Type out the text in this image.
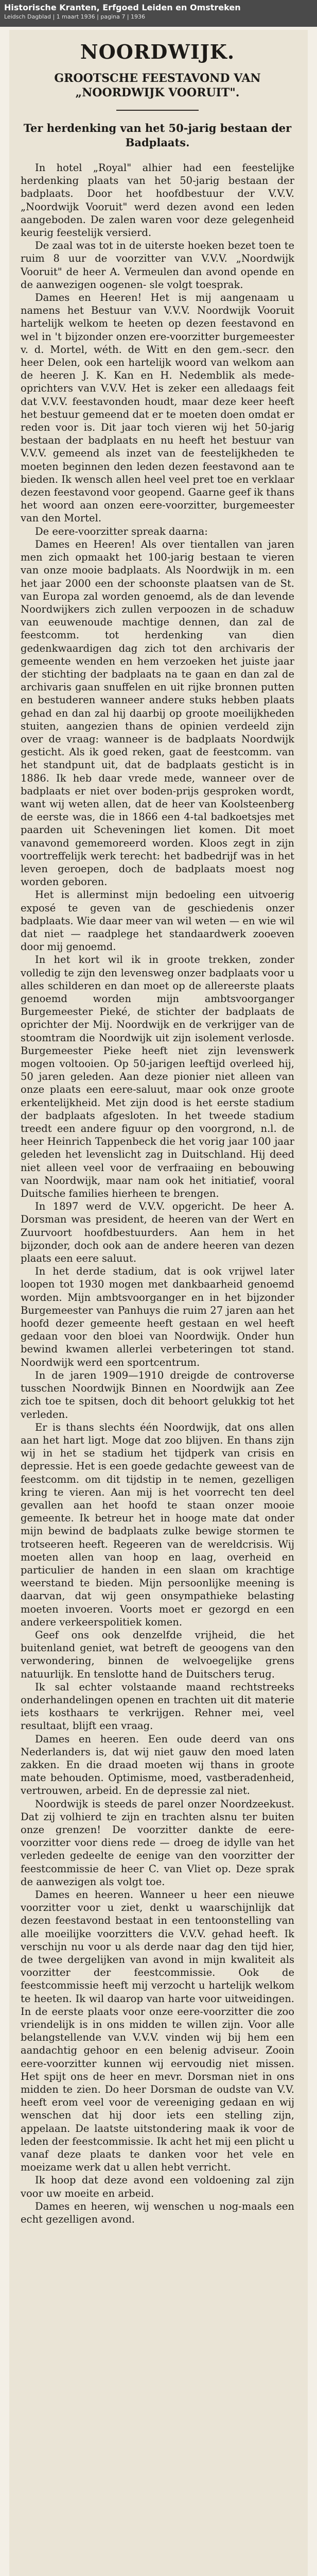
Historische Kranten, Erfgoed Leiden en Omstreken
Leidsch Dagblad | 1 maart 1936 | pagina 7 | 1936
NOORDWIJK.
GROOTSCHE FEESTAVOND VAN
„NOORDWIJK VOORUIT".
Ter herdenking van het 50-jarig bestaan der Badplaats.

In hotel „Royal" alhier had een feestelijke herdenking plaats van het 50-jarig bestaan der badplaats. Door het hoofdbestuur der V.V.V. „Noordwijk Vooruit" werd dezen avond een leden aangeboden. De zalen waren voor deze gelegenheid keurig feestelijk versierd.

De zaal was tot in de uiterste hoeken bezet toen te ruim 8 uur de voorzitter van V.V.V. „Noordwijk Vooruit" de heer A. Vermeulen dan avond opende en de aanwezigen oogenen- sle volgt toesprak.

Dames en Heeren! Het is mij aangenaam u namens het Bestuur van V.V.V. Noordwijk Vooruit hartelijk welkom te heeten op dezen feestavond en wel in 't bijzonder onzen ere-voorzitter burgemeester v. d. Mortel, wéth. de Witt en den gem.-secr. den heer Delen, ook een hartelijk woord van welkom aan de heeren J. K. Kan en H. Nedemblik als mede-oprichters van V.V.V. Het is zeker een alledaags feit dat V.V.V. feestavonden houdt, maar deze keer heeft het bestuur gemeend dat er te moeten doen omdat er reden voor is. Dit jaar toch vieren wij het 50-jarig bestaan der badplaats en nu heeft het bestuur van V.V.V. gemeend als inzet van de feestelijkheden te moeten beginnen den leden dezen feestavond aan te bieden. Ik wensch allen heel veel pret toe en verklaar dezen feestavond voor geopend. Gaarne geef ik thans het woord aan onzen eere-voorzitter, burgemeester van den Mortel.

De eere-voorzitter spreak daarna:

Dames en Heeren! Als over tientallen van jaren men zich opmaakt het 100-jarig bestaan te vieren van onze mooie badplaats. Als Noordwijk in m. een het jaar 2000 een der schoonste plaatsen van de St. van Europa zal worden genoemd, als de dan levende Noordwijkers zich zullen verpoozen in de schaduw van eeuwenoude machtige dennen, dan zal de feestcomm. tot herdenking van dien gedenkwaardigen dag zich tot den archivaris der gemeente wenden en hem verzoeken het juiste jaar der stichting der badplaats na te gaan en dan zal de archivaris gaan snuffelen en uit rijke bronnen putten en bestuderen wanneer andere stuks hebben plaats gehad en dan zal hij daarbij op groote moeilijkheden stuiten, aangezien thans de opinien verdeeld zijn over de vraag: wanneer is de badplaats Noordwijk gesticht. Als ik goed reken, gaat de feestcomm. van het standpunt uit, dat de badplaats gesticht is in 1886. Ik heb daar vrede mede, wanneer over de badplaats er niet over boden-prijs gesproken wordt, want wij weten allen, dat de heer van Koolsteenberg de eerste was, die in 1866 een 4-tal badkoetsjes met paarden uit Scheveningen liet komen. Dit moet vanavond gememoreerd worden. Kloos zegt in zijn voortreffelijk werk terecht: het badbedrijf was in het leven geroepen, doch de badplaats moest nog worden geboren.

Het is allerminst mijn bedoeling een uitvoerig exposé te geven van de geschiedenis onzer badplaats. Wie daar meer van wil weten — en wie wil dat niet — raadplege het standaardwerk zooeven door mij genoemd.

In het kort wil ik in groote trekken, zonder volledig te zijn den levensweg onzer badplaats voor u alles schilderen en dan moet op de allereerste plaats genoemd worden mijn ambtsvoorganger Burgemeester Pieké, de stichter der badplaats de oprichter der Mij. Noordwijk en de verkrijger van de stoomtram die Noordwijk uit zijn isolement verlosde. Burgemeester Pieke heeft niet zijn levenswerk mogen voltooien. Op 50-jarigen leeftijd overleed hij, 50 jaren geleden. Aan deze pionier niet alleen van onze plaats een eere-saluut, maar ook onze groote erkentelijkheid. Met zijn dood is het eerste stadium der badplaats afgesloten. In het tweede stadium treedt een andere figuur op den voorgrond, n.l. de heer Heinrich Tappenbeck die het vorig jaar 100 jaar geleden het levenslicht zag in Duitschland. Hij deed niet alleen veel voor de verfraaiing en bebouwing van Noordwijk, maar nam ook het initiatief, vooral Duitsche families hierheen te brengen.

In 1897 werd de V.V.V. opgericht. De heer A. Dorsman was president, de heeren van der Wert en Zuurvoort hoofdbestuurders. Aan hem in het bijzonder, doch ook aan de andere heeren van dezen plaats een eere saluut.

In het derde stadium, dat is ook vrijwel later loopen tot 1930 mogen met dankbaarheid genoemd worden. Mijn ambtsvoorganger en in het bijzonder Burgemeester van Panhuys die ruim 27 jaren aan het hoofd dezer gemeente heeft gestaan en wel heeft gedaan voor den bloei van Noordwijk. Onder hun bewind kwamen allerlei verbeteringen tot stand. Noordwijk werd een sportcentrum.

In de jaren 1909—1910 dreigde de controverse tusschen Noordwijk Binnen en Noordwijk aan Zee zich toe te spitsen, doch dit behoort gelukkig tot het verleden.

Er is thans slechts één Noordwijk, dat ons allen aan het hart ligt. Moge dat zoo blijven. En thans zijn wij in het se stadium het tijdperk van crisis en depressie. Het is een goede gedachte geweest van de feestcomm. om dit tijdstip in te nemen, gezelligen kring te vieren. Aan mij is het voorrecht ten deel gevallen aan het hoofd te staan onzer mooie gemeente. Ik betreur het in hooge mate dat onder mijn bewind de badplaats zulke bewige stormen te trotseeren heeft. Regeeren van de wereldcrisis. Wij moeten allen van hoop en laag, overheid en particulier de handen in een slaan om krachtige weerstand te bieden. Mijn persoonlijke meening is daarvan, dat wij geen onsympathieke belasting moeten invoeren. Voorts moet er gezorgd en een andere verkeerspolitiek komen.

Geef ons ook denzelfde vrijheid, die het buitenland geniet, wat betreft de geoogens van den verwondering, binnen de welvoegelijke grens natuurlijk. En tenslotte hand de Duitschers terug.

Ik sal echter volstaande maand rechtstreeks onderhandelingen openen en trachten uit dit materie iets kosthaars te verkrijgen. Rehner mei, veel resultaat, blijft een vraag.

Dames en heeren. Een oude deerd van ons Nederlanders is, dat wij niet gauw den moed laten zakken. En die draad moeten wij thans in groote mate behouden. Optimisme, moed, vastberadenheid, vertrouwen, arbeid. En de depressie zal niet.

Noordwijk is steeds de parel onzer Noordzeekust. Dat zij volhierd te zijn en trachten alsnu ter buiten onze grenzen! De voorzitter dankte de eere-voorzitter voor diens rede — droeg de idylle van het verleden gedeelte de eenige van den voorzitter der feestcommissie de heer C. van Vliet op. Deze sprak de aanwezigen als volgt toe.

Dames en heeren. Wanneer u heer een nieuwe voorzitter voor u ziet, denkt u waarschijnlijk dat dezen feestavond bestaat in een tentoonstelling van alle moeilijke voorzitters die V.V.V. gehad heeft. Ik verschijn nu voor u als derde naar dag den tijd hier, de twee dergelijken van avond in mijn kwaliteit als voorzitter der feestcommissie. Ook de feestcommissie heeft mij verzocht u hartelijk welkom te heeten. Ik wil daarop van harte voor uitweidingen. In de eerste plaats voor onze eere-voorzitter die zoo vriendelijk is in ons midden te willen zijn. Voor alle belangstellende van V.V.V. vinden wij bij hem een aandachtig gehoor en een belenig adviseur. Zooin eere-voorzitter kunnen wij eervoudig niet missen. Het spijt ons de heer en mevr. Dorsman niet in ons midden te zien. Do heer Dorsman de oudste van V.V. heeft erom veel voor de vereeniging gedaan en wij wenschen dat hij door iets een stelling zijn, appelaan. De laatste uitstondering maak ik voor de leden der feestcommissie. Ik acht het mij een plicht u vanaf deze plaats te danken voor het vele en moeizame werk dat u allen hebt verricht.

Ik hoop dat deze avond een voldoening zal zijn voor uw moeite en arbeid.

Dames en heeren, wij wenschen u nog-maals een echt gezelligen avond.
